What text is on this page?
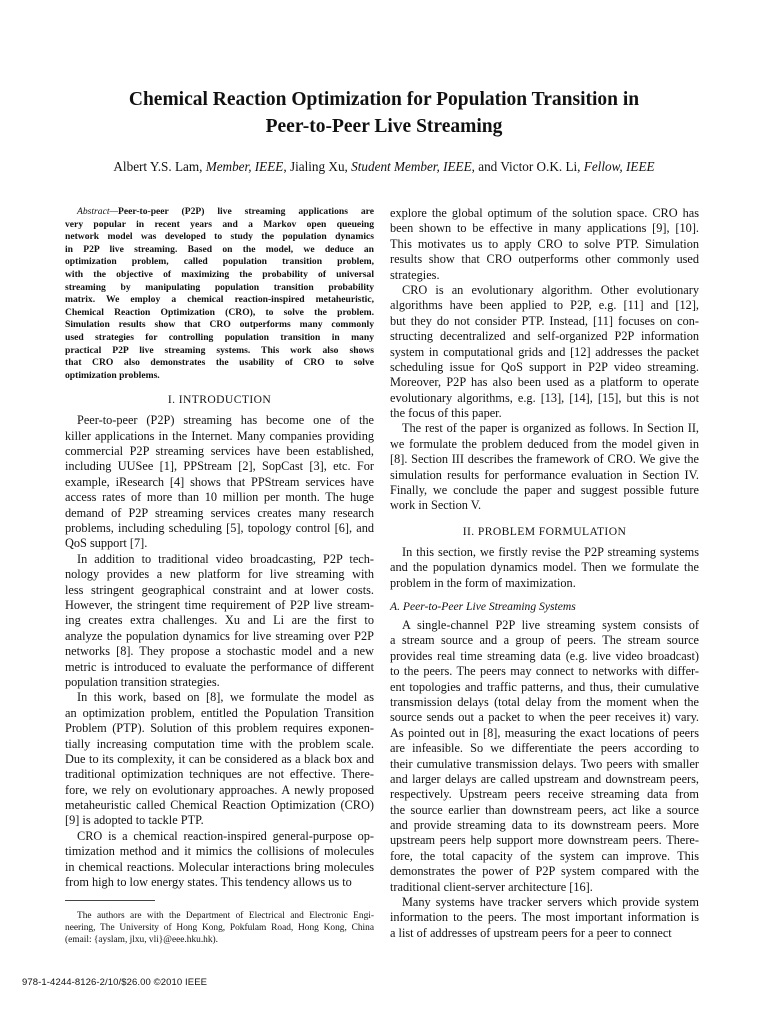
Chemical Reaction Optimization for Population Transition in
Peer-to-Peer Live Streaming
Albert Y.S. Lam, Member, IEEE, Jialing Xu, Student Member, IEEE, and Victor O.K. Li, Fellow, IEEE
Abstract—Peer-to-peer (P2P) live streaming applications are
very popular in recent years and a Markov open queueing
network model was developed to study the population dynamics
in P2P live streaming. Based on the model, we deduce an
optimization problem, called population transition problem,
with the objective of maximizing the probability of universal
streaming by manipulating population transition probability
matrix. We employ a chemical reaction-inspired metaheuristic,
Chemical Reaction Optimization (CRO), to solve the problem.
Simulation results show that CRO outperforms many commonly
used strategies for controlling population transition in many
practical P2P live streaming systems. This work also shows
that CRO also demonstrates the usability of CRO to solve
optimization problems.
I. INTRODUCTION
Peer-to-peer (P2P) streaming has become one of the
killer applications in the Internet. Many companies providing
commercial P2P streaming services have been established,
including UUSee [1], PPStream [2], SopCast [3], etc. For
example, iResearch [4] shows that PPStream services have
access rates of more than 10 million per month. The huge
demand of P2P streaming services creates many research
problems, including scheduling [5], topology control [6], and
QoS support [7].
In addition to traditional video broadcasting, P2P tech-
nology provides a new platform for live streaming with
less stringent geographical constraint and at lower costs.
However, the stringent time requirement of P2P live stream-
ing creates extra challenges. Xu and Li are the first to
analyze the population dynamics for live streaming over P2P
networks [8]. They propose a stochastic model and a new
metric is introduced to evaluate the performance of different
population transition strategies.
In this work, based on [8], we formulate the model as
an optimization problem, entitled the Population Transition
Problem (PTP). Solution of this problem requires exponen-
tially increasing computation time with the problem scale.
Due to its complexity, it can be considered as a black box and
traditional optimization techniques are not effective. There-
fore, we rely on evolutionary approaches. A newly proposed
metaheuristic called Chemical Reaction Optimization (CRO)
[9] is adopted to tackle PTP.
CRO is a chemical reaction-inspired general-purpose op-
timization method and it mimics the collisions of molecules
in chemical reactions. Molecular interactions bring molecules
from high to low energy states. This tendency allows us to
explore the global optimum of the solution space. CRO has
been shown to be effective in many applications [9], [10].
This motivates us to apply CRO to solve PTP. Simulation
results show that CRO outperforms other commonly used
strategies.
CRO is an evolutionary algorithm. Other evolutionary
algorithms have been applied to P2P, e.g. [11] and [12],
but they do not consider PTP. Instead, [11] focuses on con-
structing decentralized and self-organized P2P information
system in computational grids and [12] addresses the packet
scheduling issue for QoS support in P2P video streaming.
Moreover, P2P has also been used as a platform to operate
evolutionary algorithms, e.g. [13], [14], [15], but this is not
the focus of this paper.
The rest of the paper is organized as follows. In Section II,
we formulate the problem deduced from the model given in
[8]. Section III describes the framework of CRO. We give the
simulation results for performance evaluation in Section IV.
Finally, we conclude the paper and suggest possible future
work in Section V.
II. PROBLEM FORMULATION
In this section, we firstly revise the P2P streaming systems
and the population dynamics model. Then we formulate the
problem in the form of maximization.
A. Peer-to-Peer Live Streaming Systems
A single-channel P2P live streaming system consists of
a stream source and a group of peers. The stream source
provides real time streaming data (e.g. live video broadcast)
to the peers. The peers may connect to networks with differ-
ent topologies and traffic patterns, and thus, their cumulative
transmission delays (total delay from the moment when the
source sends out a packet to when the peer receives it) vary.
As pointed out in [8], measuring the exact locations of peers
are infeasible. So we differentiate the peers according to
their cumulative transmission delays. Two peers with smaller
and larger delays are called upstream and downstream peers,
respectively. Upstream peers receive streaming data from
the source earlier than downstream peers, act like a source
and provide streaming data to its downstream peers. More
upstream peers help support more downstream peers. There-
fore, the total capacity of the system can improve. This
demonstrates the power of P2P system compared with the
traditional client-server architecture [16].
Many systems have tracker servers which provide system
information to the peers. The most important information is
a list of addresses of upstream peers for a peer to connect
The authors are with the Department of Electrical and Electronic Engi-
neering, The University of Hong Kong, Pokfulam Road, Hong Kong, China
(email: {ayslam, jlxu, vli}@eee.hku.hk).
978-1-4244-8126-2/10/$26.00 ©2010 IEEE
